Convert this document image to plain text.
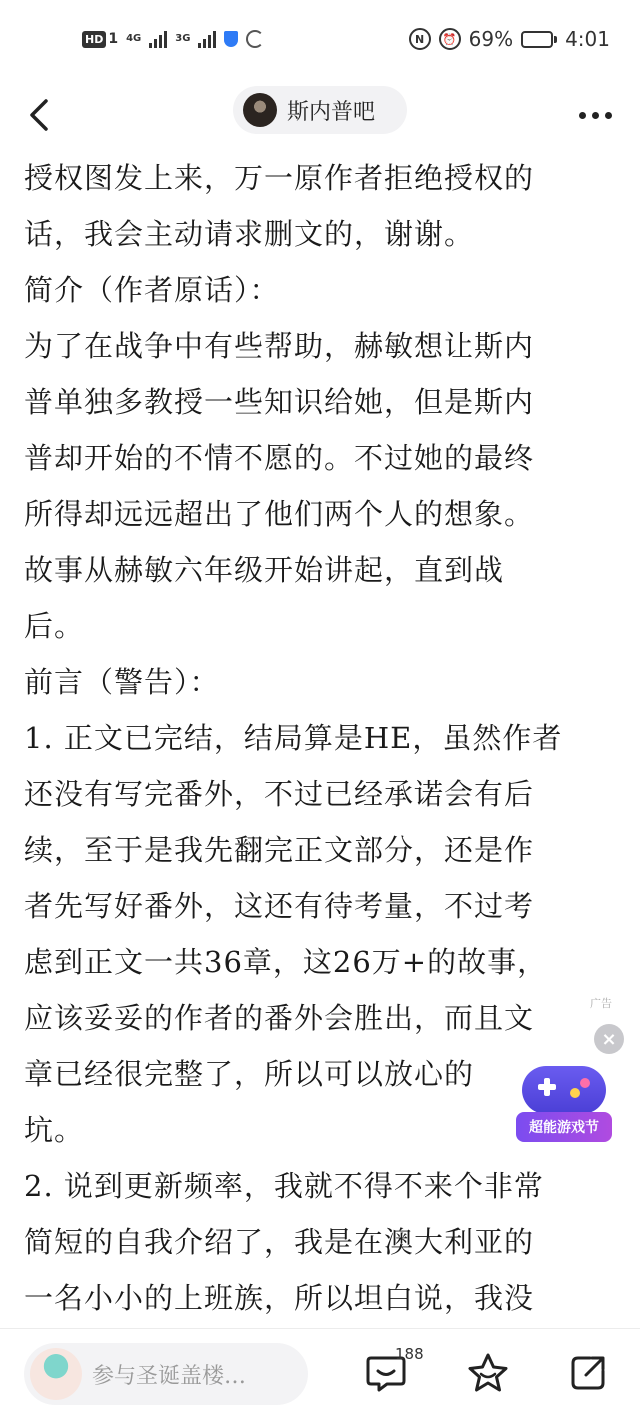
HD 1 4G	3G	N	⏰ 69%	4:01
斯内普吧
授权图发上来，万一原作者拒绝授权的
话，我会主动请求删文的，谢谢。
简介（作者原话）：
为了在战争中有些帮助，赫敏想让斯内
普单独多教授一些知识给她，但是斯内
普却开始的不情不愿的。不过她的最终
所得却远远超出了他们两个人的想象。
故事从赫敏六年级开始讲起，直到战
后。
前言（警告）：
1. 正文已完结，结局算是HE，虽然作者
还没有写完番外，不过已经承诺会有后
续，至于是我先翻完正文部分，还是作
者先写好番外，这还有待考量，不过考
虑到正文一共36章，这26万+的故事，
应该妥妥的作者的番外会胜出，而且文
章已经很完整了，所以可以放心的
坑。
2. 说到更新频率，我就不得不来个非常
简短的自我介绍了，我是在澳大利亚的
一名小小的上班族，所以坦白说，我没
广告
×
超能游戏节
参与圣诞盖楼…
188
